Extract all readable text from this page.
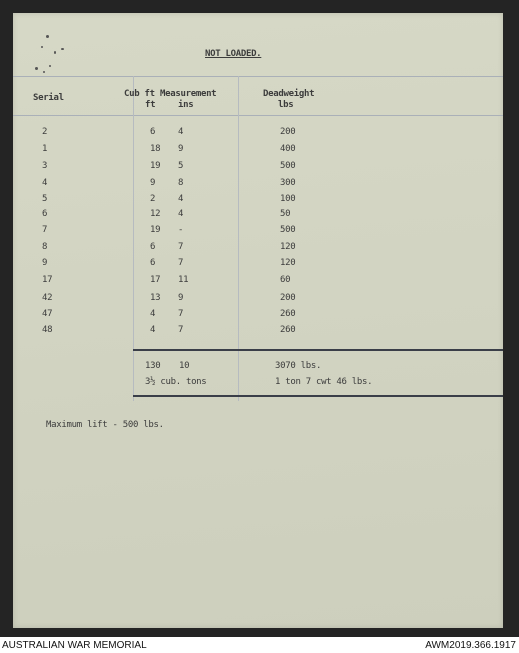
NOT LOADED.
Serial	Cub ft Measurement
ft	ins
Deadweight
lbs
2	6	4	200
1	18 9	400
3	19 5	500
4	9	8	300
5	2	4	100
6	12 4	50
7	19 -	500
8	6	7	120
9	6	7	120
17	17 11	60
42	13 9	200
47	4	7	260
48	4	7	260
130 10	3070 lbs.
3½ cub. tons	1 ton 7 cwt 46 lbs.
Maximum lift - 500 lbs.
AUSTRALIAN WAR MEMORIAL	AWM2019.366.1917
